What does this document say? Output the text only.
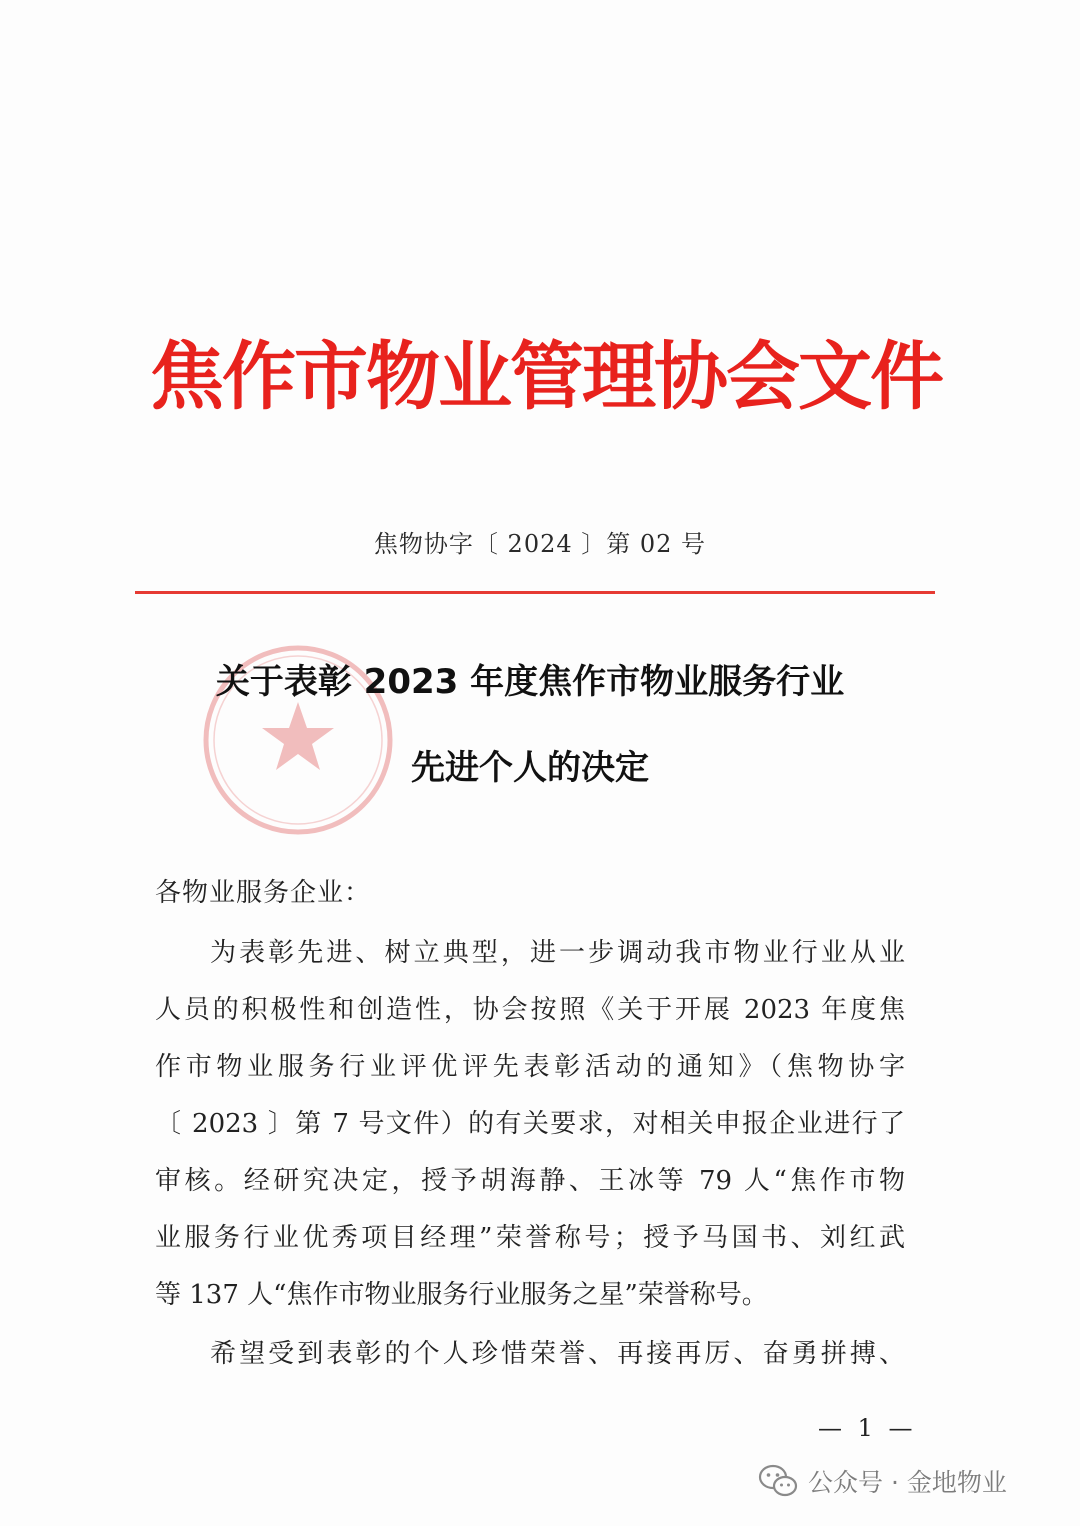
焦作市物业管理协会文件
焦物协字〔 2024 〕第 02 号
关于表彰 2023 年度焦作市物业服务行业
先进个人的决定
各物业服务企业：
为表彰先进、树立典型，进一步调动我市物业行业从业
人员的积极性和创造性，协会按照《关于开展 2023 年度焦
作市物业服务行业评优评先表彰活动的通知》（焦物协字
〔 2023 〕第 7 号文件）的有关要求，对相关申报企业进行了
审核。经研究决定，授予胡海静、王冰等 79 人“焦作市物
业服务行业优秀项目经理”荣誉称号；授予马国书、刘红武
等 137 人“焦作市物业服务行业服务之星”荣誉称号。
希望受到表彰的个人珍惜荣誉、再接再厉、奋勇拼搏、
— 1 —
公众号 · 金地物业
